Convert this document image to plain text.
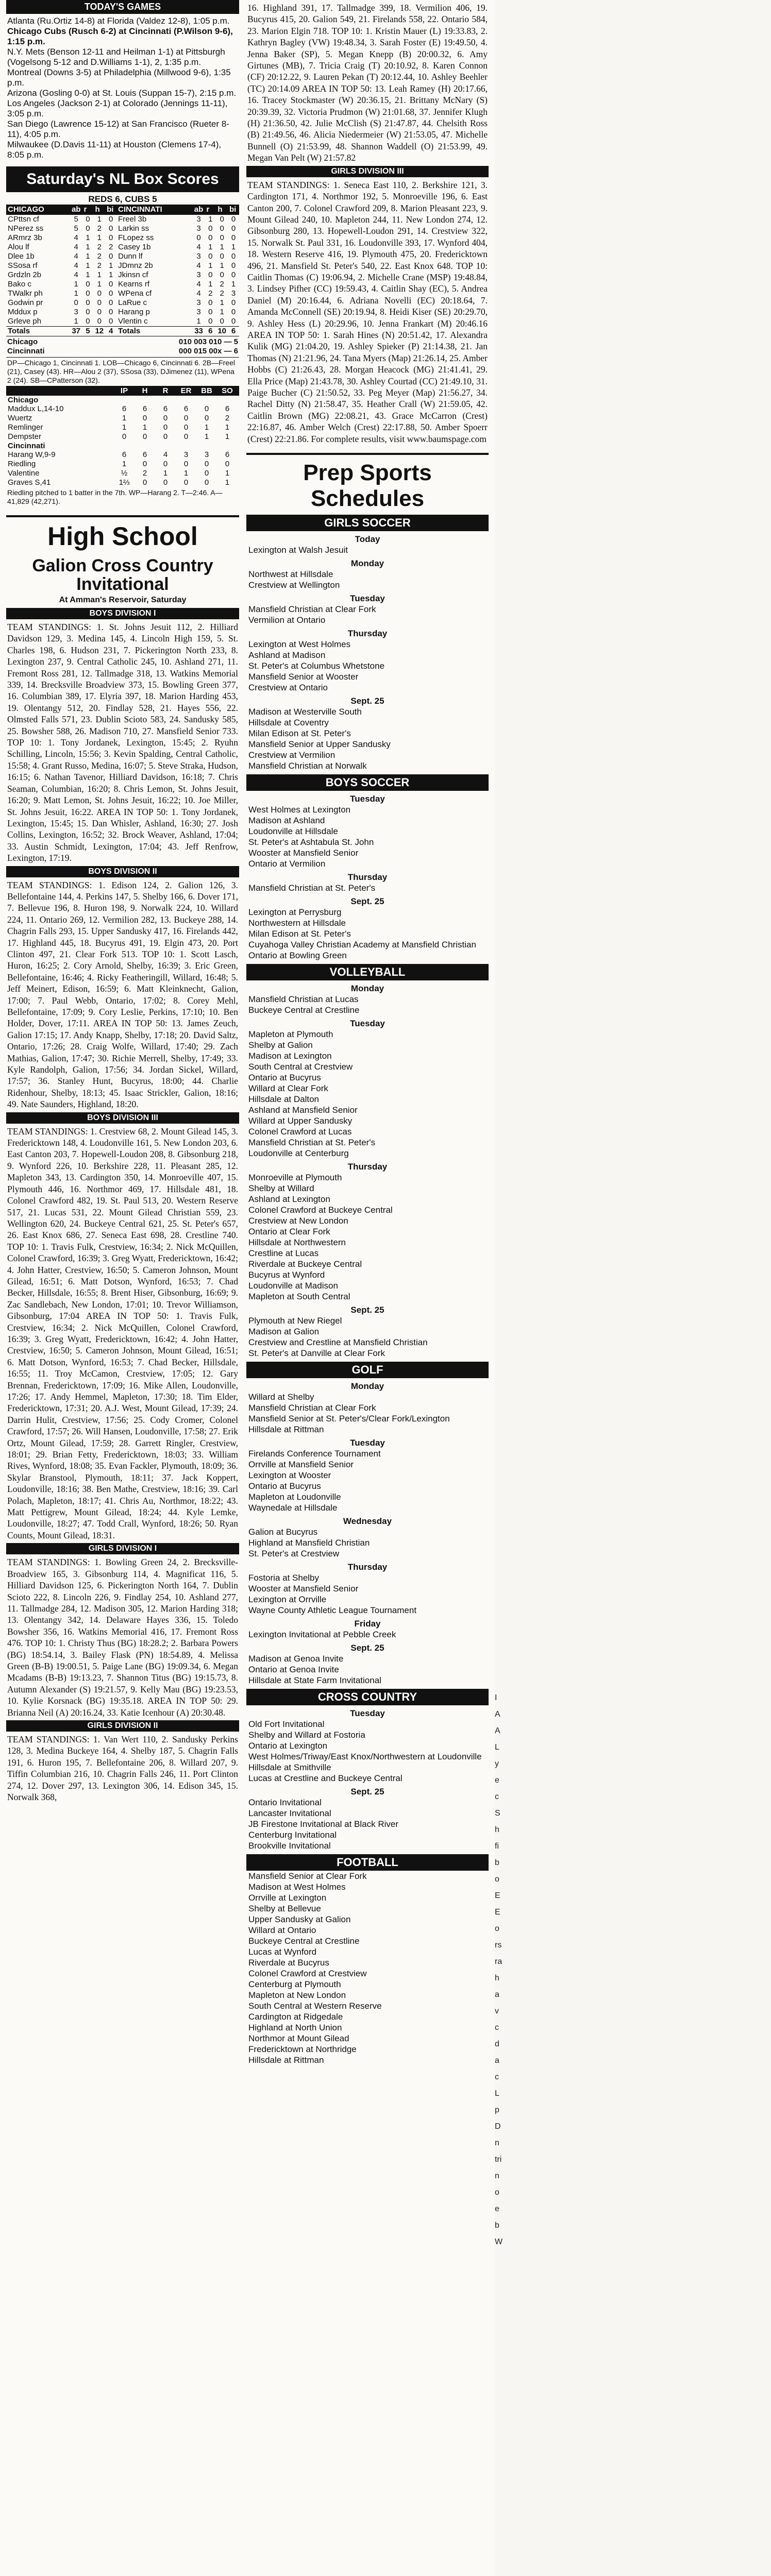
TODAY'S GAMES
Atlanta (Ru.Ortiz 14-8) at Florida (Valdez 12-8), 1:05 p.m.
Chicago Cubs (Rusch 6-2) at Cincinnati (P.Wilson 9-6), 1:15 p.m.
N.Y. Mets (Benson 12-11 and Heilman 1-1) at Pittsburgh (Vogelsong 5-12 and D.Williams 1-1), 2, 1:35 p.m.
Montreal (Downs 3-5) at Philadelphia (Millwood 9-6), 1:35 p.m.
Arizona (Gosling 0-0) at St. Louis (Suppan 15-7), 2:15 p.m.
Los Angeles (Jackson 2-1) at Colorado (Jennings 11-11), 3:05 p.m.
San Diego (Lawrence 15-12) at San Francisco (Rueter 8-11), 4:05 p.m.
Milwaukee (D.Davis 11-11) at Houston (Clemens 17-4), 8:05 p.m.
Saturday's NL Box Scores
REDS 6, CUBS 5
CHICAGO	ab	r	h	bi	CINCINNATI	ab	r	h	bi
CPttsn cf	5	0	1	0	Freel 3b	3	1	0	0
NPerez ss	5	0	2	0	Larkin ss	3	0	0	0
ARmrz 3b	4	1	1	0	FLopez ss	0	0	0	0
Alou lf	4	1	2	2	Casey 1b	4	1	1	1
Dlee 1b	4	1	2	0	Dunn lf	3	0	0	0
SSosa rf	4	1	2	1	JDmnz 2b	4	1	1	0
Grdzln 2b	4	1	1	1	Jkinsn cf	3	0	0	0
Bako c	1	0	1	0	Kearns rf	4	1	2	1
TWalkr ph	1	0	0	0	WPena cf	4	2	2	3
Godwin pr	0	0	0	0	LaRue c	3	0	1	0
Mddux p	3	0	0	0	Harang p	3	0	1	0
Grleve ph	1	0	0	0	Vlentin c	1	0	0	0
Totals	37	5	12	4	Totals	33	6	10	6
Chicago	010 003 010 — 5
Cincinnati	000 015 00x — 6
DP—Chicago 1, Cincinnati 1. LOB—Chicago 6, Cincinnati 6. 2B—Freel (21), Casey (43). HR—Alou 2 (37), SSosa (33), DJimenez (11), WPena 2 (24). SB—CPatterson (32).
IP	H	R	ER	BB	SO
Chicago
Maddux L,14-10	6	6	6	6	0	6
Wuertz	1	0	0	0	0	2
Remlinger	1	1	0	0	1	1
Dempster	0	0	0	0	1	1
Cincinnati
Harang W,9-9	6	6	4	3	3	6
Riedling	1	0	0	0	0	0
Valentine	½	2	1	1	0	1
Graves S,41	1⅔	0	0	0	0	1
Riedling pitched to 1 batter in the 7th. WP—Harang 2. T—2:46. A—41,829 (42,271).
High School
Galion Cross Country Invitational
At Amman's Reservoir, Saturday
BOYS DIVISION I
TEAM STANDINGS: 1. St. Johns Jesuit 112, 2. Hilliard Davidson 129, 3. Medina 145, 4. Lincoln High 159, 5. St. Charles 198, 6. Hudson 231, 7. Pickerington North 233, 8. Lexington 237, 9. Central Catholic 245, 10. Ashland 271, 11. Fremont Ross 281, 12. Tallmadge 318, 13. Watkins Memorial 339, 14. Brecksville Broadview 373, 15. Bowling Green 377, 16. Columbian 389, 17. Elyria 397, 18. Marion Harding 453, 19. Olentangy 512, 20. Findlay 528, 21. Hayes 556, 22. Olmsted Falls 571, 23. Dublin Scioto 583, 24. Sandusky 585, 25. Bowsher 588, 26. Madison 710, 27. Mansfield Senior 733. TOP 10: 1. Tony Jordanek, Lexington, 15:45; 2. Ryuhn Schilling, Lincoln, 15:56; 3. Kevin Spalding, Central Catholic, 15:58; 4. Grant Russo, Medina, 16:07; 5. Steve Straka, Hudson, 16:15; 6. Nathan Tavenor, Hilliard Davidson, 16:18; 7. Chris Seaman, Columbian, 16:20; 8. Chris Lemon, St. Johns Jesuit, 16:20; 9. Matt Lemon, St. Johns Jesuit, 16:22; 10. Joe Miller, St. Johns Jesuit, 16:22. AREA IN TOP 50: 1. Tony Jordanek, Lexington, 15:45; 15. Dan Whisler, Ashland, 16:30; 27. Josh Collins, Lexington, 16:52; 32. Brock Weaver, Ashland, 17:04; 33. Austin Schmidt, Lexington, 17:04; 43. Jeff Renfrow, Lexington, 17:19.
BOYS DIVISION II
TEAM STANDINGS: 1. Edison 124, 2. Galion 126, 3. Bellefontaine 144, 4. Perkins 147, 5. Shelby 166, 6. Dover 171, 7. Bellevue 196, 8. Huron 198, 9. Norwalk 224, 10. Willard 224, 11. Ontario 269, 12. Vermilion 282, 13. Buckeye 288, 14. Chagrin Falls 293, 15. Upper Sandusky 417, 16. Firelands 442, 17. Highland 445, 18. Bucyrus 491, 19. Elgin 473, 20. Port Clinton 497, 21. Clear Fork 513. TOP 10: 1. Scott Lasch, Huron, 16:25; 2. Cory Arnold, Shelby, 16:39; 3. Eric Green, Bellefontaine, 16:46; 4. Ricky Featheringill, Willard, 16:48; 5. Jeff Meinert, Edison, 16:59; 6. Matt Kleinknecht, Galion, 17:00; 7. Paul Webb, Ontario, 17:02; 8. Corey Mehl, Bellefontaine, 17:09; 9. Cory Leslie, Perkins, 17:10; 10. Ben Holder, Dover, 17:11. AREA IN TOP 50: 13. James Zeuch, Galion 17:15; 17. Andy Knapp, Shelby, 17:18; 20. David Saltz, Ontario, 17:26; 28. Craig Wolfe, Willard, 17:40; 29. Zach Mathias, Galion, 17:47; 30. Richie Merrell, Shelby, 17:49; 33. Kyle Randolph, Galion, 17:56; 34. Jordan Sickel, Willard, 17:57; 36. Stanley Hunt, Bucyrus, 18:00; 44. Charlie Ridenhour, Shelby, 18:13; 45. Isaac Strickler, Galion, 18:16; 49. Nate Saunders, Highland, 18:20.
BOYS DIVISION III
TEAM STANDINGS: 1. Crestview 68, 2. Mount Gilead 145, 3. Fredericktown 148, 4. Loudonville 161, 5. New London 203, 6. East Canton 203, 7. Hopewell-Loudon 208, 8. Gibsonburg 218, 9. Wynford 226, 10. Berkshire 228, 11. Pleasant 285, 12. Mapleton 343, 13. Cardington 350, 14. Monroeville 407, 15. Plymouth 446, 16. Northmor 469, 17. Hillsdale 481, 18. Colonel Crawford 482, 19. St. Paul 513, 20. Western Reserve 517, 21. Lucas 531, 22. Mount Gilead Christian 559, 23. Wellington 620, 24. Buckeye Central 621, 25. St. Peter's 657, 26. East Knox 686, 27. Seneca East 698, 28. Crestline 740. TOP 10: 1. Travis Fulk, Crestview, 16:34; 2. Nick McQuillen, Colonel Crawford, 16:39; 3. Greg Wyatt, Fredericktown, 16:42; 4. John Hatter, Crestview, 16:50; 5. Cameron Johnson, Mount Gilead, 16:51; 6. Matt Dotson, Wynford, 16:53; 7. Chad Becker, Hillsdale, 16:55; 8. Brent Hiser, Gibsonburg, 16:69; 9. Zac Sandlebach, New London, 17:01; 10. Trevor Williamson, Gibsonburg, 17:04 AREA IN TOP 50: 1. Travis Fulk, Crestview, 16:34; 2. Nick McQuillen, Colonel Crawford, 16:39; 3. Greg Wyatt, Fredericktown, 16:42; 4. John Hatter, Crestview, 16:50; 5. Cameron Johnson, Mount Gilead, 16:51; 6. Matt Dotson, Wynford, 16:53; 7. Chad Becker, Hillsdale, 16:55; 11. Troy McCamon, Crestview, 17:05; 12. Gary Brennan, Fredericktown, 17:09; 16. Mike Allen, Loudonville, 17:26; 17. Andy Hemmel, Mapleton, 17:30; 18. Tim Elder, Fredericktown, 17:31; 20. A.J. West, Mount Gilead, 17:39; 24. Darrin Hulit, Crestview, 17:56; 25. Cody Cromer, Colonel Crawford, 17:57; 26. Will Hansen, Loudonville, 17:58; 27. Erik Ortz, Mount Gilead, 17:59; 28. Garrett Ringler, Crestview, 18:01; 29. Brian Fetty, Fredericktown, 18:03; 33. William Rives, Wynford, 18:08; 35. Evan Fackler, Plymouth, 18:09; 36. Skylar Branstool, Plymouth, 18:11; 37. Jack Koppert, Loudonville, 18:16; 38. Ben Mathe, Crestview, 18:16; 39. Carl Polach, Mapleton, 18:17; 41. Chris Au, Northmor, 18:22; 43. Matt Pettigrew, Mount Gilead, 18:24; 44. Kyle Lemke, Loudonville, 18:27; 47. Todd Crall, Wynford, 18:26; 50. Ryan Counts, Mount Gilead, 18:31.
GIRLS DIVISION I
TEAM STANDINGS: 1. Bowling Green 24, 2. Brecksville-Broadview 165, 3. Gibsonburg 114, 4. Magnificat 116, 5. Hilliard Davidson 125, 6. Pickerington North 164, 7. Dublin Scioto 222, 8. Lincoln 226, 9. Findlay 254, 10. Ashland 277, 11. Tallmadge 284, 12. Madison 305, 12. Marion Harding 318; 13. Olentangy 342, 14. Delaware Hayes 336, 15. Toledo Bowsher 356, 16. Watkins Memorial 416, 17. Fremont Ross 476. TOP 10: 1. Christy Thus (BG) 18:28.2; 2. Barbara Powers (BG) 18:54.14, 3. Bailey Flask (PN) 18:54.89, 4. Melissa Green (B-B) 19:00.51, 5. Paige Lane (BG) 19:09.34, 6. Megan Mcadams (B-B) 19:13.23, 7. Shannon Titus (BG) 19:15.73, 8. Autumn Alexander (S) 19:21.57, 9. Kelly Mau (BG) 19:23.53, 10. Kylie Korsnack (BG) 19:35.18. AREA IN TOP 50: 29. Brianna Neil (A) 20:16.24, 33. Katie Icenhour (A) 20:30.48.
GIRLS DIVISION II
TEAM STANDINGS: 1. Van Wert 110, 2. Sandusky Perkins 128, 3. Medina Buckeye 164, 4. Shelby 187, 5. Chagrin Falls 191, 6. Huron 195, 7. Bellefontaine 206, 8. Willard 207, 9. Tiffin Columbian 216, 10. Chagrin Falls 246, 11. Port Clinton 274, 12. Dover 297, 13. Lexington 306, 14. Edison 345, 15. Norwalk 368,
16. Highland 391, 17. Tallmadge 399, 18. Vermilion 406, 19. Bucyrus 415, 20. Galion 549, 21. Firelands 558, 22. Ontario 584, 23. Marion Elgin 718. TOP 10: 1. Kristin Mauer (L) 19:33.83, 2. Kathryn Bagley (VW) 19:48.34, 3. Sarah Foster (E) 19:49.50, 4. Jenna Baker (SP), 5. Megan Knepp (B) 20:00.32, 6. Amy Girtunes (MB), 7. Tricia Craig (T) 20:10.92, 8. Karen Connon (CF) 20:12.22, 9. Lauren Pekan (T) 20:12.44, 10. Ashley Beehler (TC) 20:14.09 AREA IN TOP 50: 13. Leah Ramey (H) 20:17.66, 16. Tracey Stockmaster (W) 20:36.15, 21. Brittany McNary (S) 20:39.39, 32. Victoria Prudmon (W) 21:01.68, 37. Jennifer Klugh (H) 21:36.50, 42. Julie McClish (S) 21:47.87, 44. Chelsith Ross (B) 21:49.56, 46. Alicia Niedermeier (W) 21:53.05, 47. Michelle Bunnell (O) 21:53.99, 48. Shannon Waddell (O) 21:53.99, 49. Megan Van Pelt (W) 21:57.82
GIRLS DIVISION III
TEAM STANDINGS: 1. Seneca East 110, 2. Berkshire 121, 3. Cardington 171, 4. Northmor 192, 5. Monroeville 196, 6. East Canton 200, 7. Colonel Crawford 209, 8. Marion Pleasant 223, 9. Mount Gilead 240, 10. Mapleton 244, 11. New London 274, 12. Gibsonburg 280, 13. Hopewell-Loudon 291, 14. Crestview 322, 15. Norwalk St. Paul 331, 16. Loudonville 393, 17. Wynford 404, 18. Western Reserve 416, 19. Plymouth 475, 20. Fredericktown 496, 21. Mansfield St. Peter's 540, 22. East Knox 648. TOP 10: Caitlin Thomas (C) 19:06.94, 2. Michelle Crane (MSP) 19:48.84, 3. Lindsey Pifher (CC) 19:59.43, 4. Caitlin Shay (EC), 5. Andrea Daniel (M) 20:16.44, 6. Adriana Novelli (EC) 20:18.64, 7. Amanda McConnell (SE) 20:19.94, 8. Heidi Kiser (SE) 20:29.70, 9. Ashley Hess (L) 20:29.96, 10. Jenna Frankart (M) 20:46.16 AREA IN TOP 50: 1. Sarah Hines (N) 20:51.42, 17. Alexandra Kulik (MG) 21:04.20, 19. Ashley Spieker (P) 21:14.38, 21. Jan Thomas (N) 21:21.96, 24. Tana Myers (Map) 21:26.14, 25. Amber Hobbs (C) 21:26.43, 28. Morgan Heacock (MG) 21:41.41, 29. Ella Price (Map) 21:43.78, 30. Ashley Courtad (CC) 21:49.10, 31. Paige Bucher (C) 21:50.52, 33. Peg Meyer (Map) 21:56.27, 34. Rachel Ditty (N) 21:58.47, 35. Heather Crall (W) 21:59.05, 42. Caitlin Brown (MG) 22:08.21, 43. Grace McCarron (Crest) 22:16.87, 46. Amber Welch (Crest) 22:17.88, 50. Amber Spoerr (Crest) 22:21.86. For complete results, visit www.baumspage.com
Prep Sports Schedules
GIRLS SOCCER
Today
Lexington at Walsh Jesuit
Monday
Northwest at Hillsdale
Crestview at Wellington
Tuesday
Mansfield Christian at Clear Fork
Vermilion at Ontario
Thursday
Lexington at West Holmes
Ashland at Madison
St. Peter's at Columbus Whetstone
Mansfield Senior at Wooster
Crestview at Ontario
Sept. 25
Madison at Westerville South
Hillsdale at Coventry
Milan Edison at St. Peter's
Mansfield Senior at Upper Sandusky
Crestview at Vermilion
Mansfield Christian at Norwalk
BOYS SOCCER
Tuesday
West Holmes at Lexington
Madison at Ashland
Loudonville at Hillsdale
St. Peter's at Ashtabula St. John
Wooster at Mansfield Senior
Ontario at Vermilion
Thursday
Mansfield Christian at St. Peter's
Sept. 25
Lexington at Perrysburg
Northwestern at Hillsdale
Milan Edison at St. Peter's
Cuyahoga Valley Christian Academy at Mansfield Christian
Ontario at Bowling Green
VOLLEYBALL
Monday
Mansfield Christian at Lucas
Buckeye Central at Crestline
Tuesday
Mapleton at Plymouth
Shelby at Galion
Madison at Lexington
South Central at Crestview
Ontario at Bucyrus
Willard at Clear Fork
Hillsdale at Dalton
Ashland at Mansfield Senior
Willard at Upper Sandusky
Colonel Crawford at Lucas
Mansfield Christian at St. Peter's
Loudonville at Centerburg
Thursday
Monroeville at Plymouth
Shelby at Willard
Ashland at Lexington
Colonel Crawford at Buckeye Central
Crestview at New London
Ontario at Clear Fork
Hillsdale at Northwestern
Crestline at Lucas
Riverdale at Buckeye Central
Bucyrus at Wynford
Loudonville at Madison
Mapleton at South Central
Sept. 25
Plymouth at New Riegel
Madison at Galion
Crestview and Crestline at Mansfield Christian
St. Peter's at Danville at Clear Fork
GOLF
Monday
Willard at Shelby
Mansfield Christian at Clear Fork
Mansfield Senior at St. Peter's/Clear Fork/Lexington
Hillsdale at Rittman
Tuesday
Firelands Conference Tournament
Orrville at Mansfield Senior
Lexington at Wooster
Ontario at Bucyrus
Mapleton at Loudonville
Waynedale at Hillsdale
Wednesday
Galion at Bucyrus
Highland at Mansfield Christian
St. Peter's at Crestview
Thursday
Fostoria at Shelby
Wooster at Mansfield Senior
Lexington at Orrville
Wayne County Athletic League Tournament
Friday
Lexington Invitational at Pebble Creek
Sept. 25
Madison at Genoa Invite
Ontario at Genoa Invite
Hillsdale at State Farm Invitational
CROSS COUNTRY
Tuesday
Old Fort Invitational
Shelby and Willard at Fostoria
Ontario at Lexington
West Holmes/Triway/East Knox/Northwestern at Loudonville
Hillsdale at Smithville
Lucas at Crestline and Buckeye Central
Sept. 25
Ontario Invitational
Lancaster Invitational
JB Firestone Invitational at Black River
Centerburg Invitational
Brookville Invitational
FOOTBALL
Mansfield Senior at Clear Fork
Madison at West Holmes
Orrville at Lexington
Shelby at Bellevue
Upper Sandusky at Galion
Willard at Ontario
Buckeye Central at Crestline
Lucas at Wynford
Riverdale at Bucyrus
Colonel Crawford at Crestview
Centerburg at Plymouth
Mapleton at New London
South Central at Western Reserve
Cardington at Ridgedale
Highland at North Union
Northmor at Mount Gilead
Fredericktown at Northridge
Hillsdale at Rittman
I
A
A
L
y
e
c
S
h
fi
b
o
E
E
o
rs
ra
h
a
v
c
d
a
c
L
p
D
n
tri
n
o
e
b
W
